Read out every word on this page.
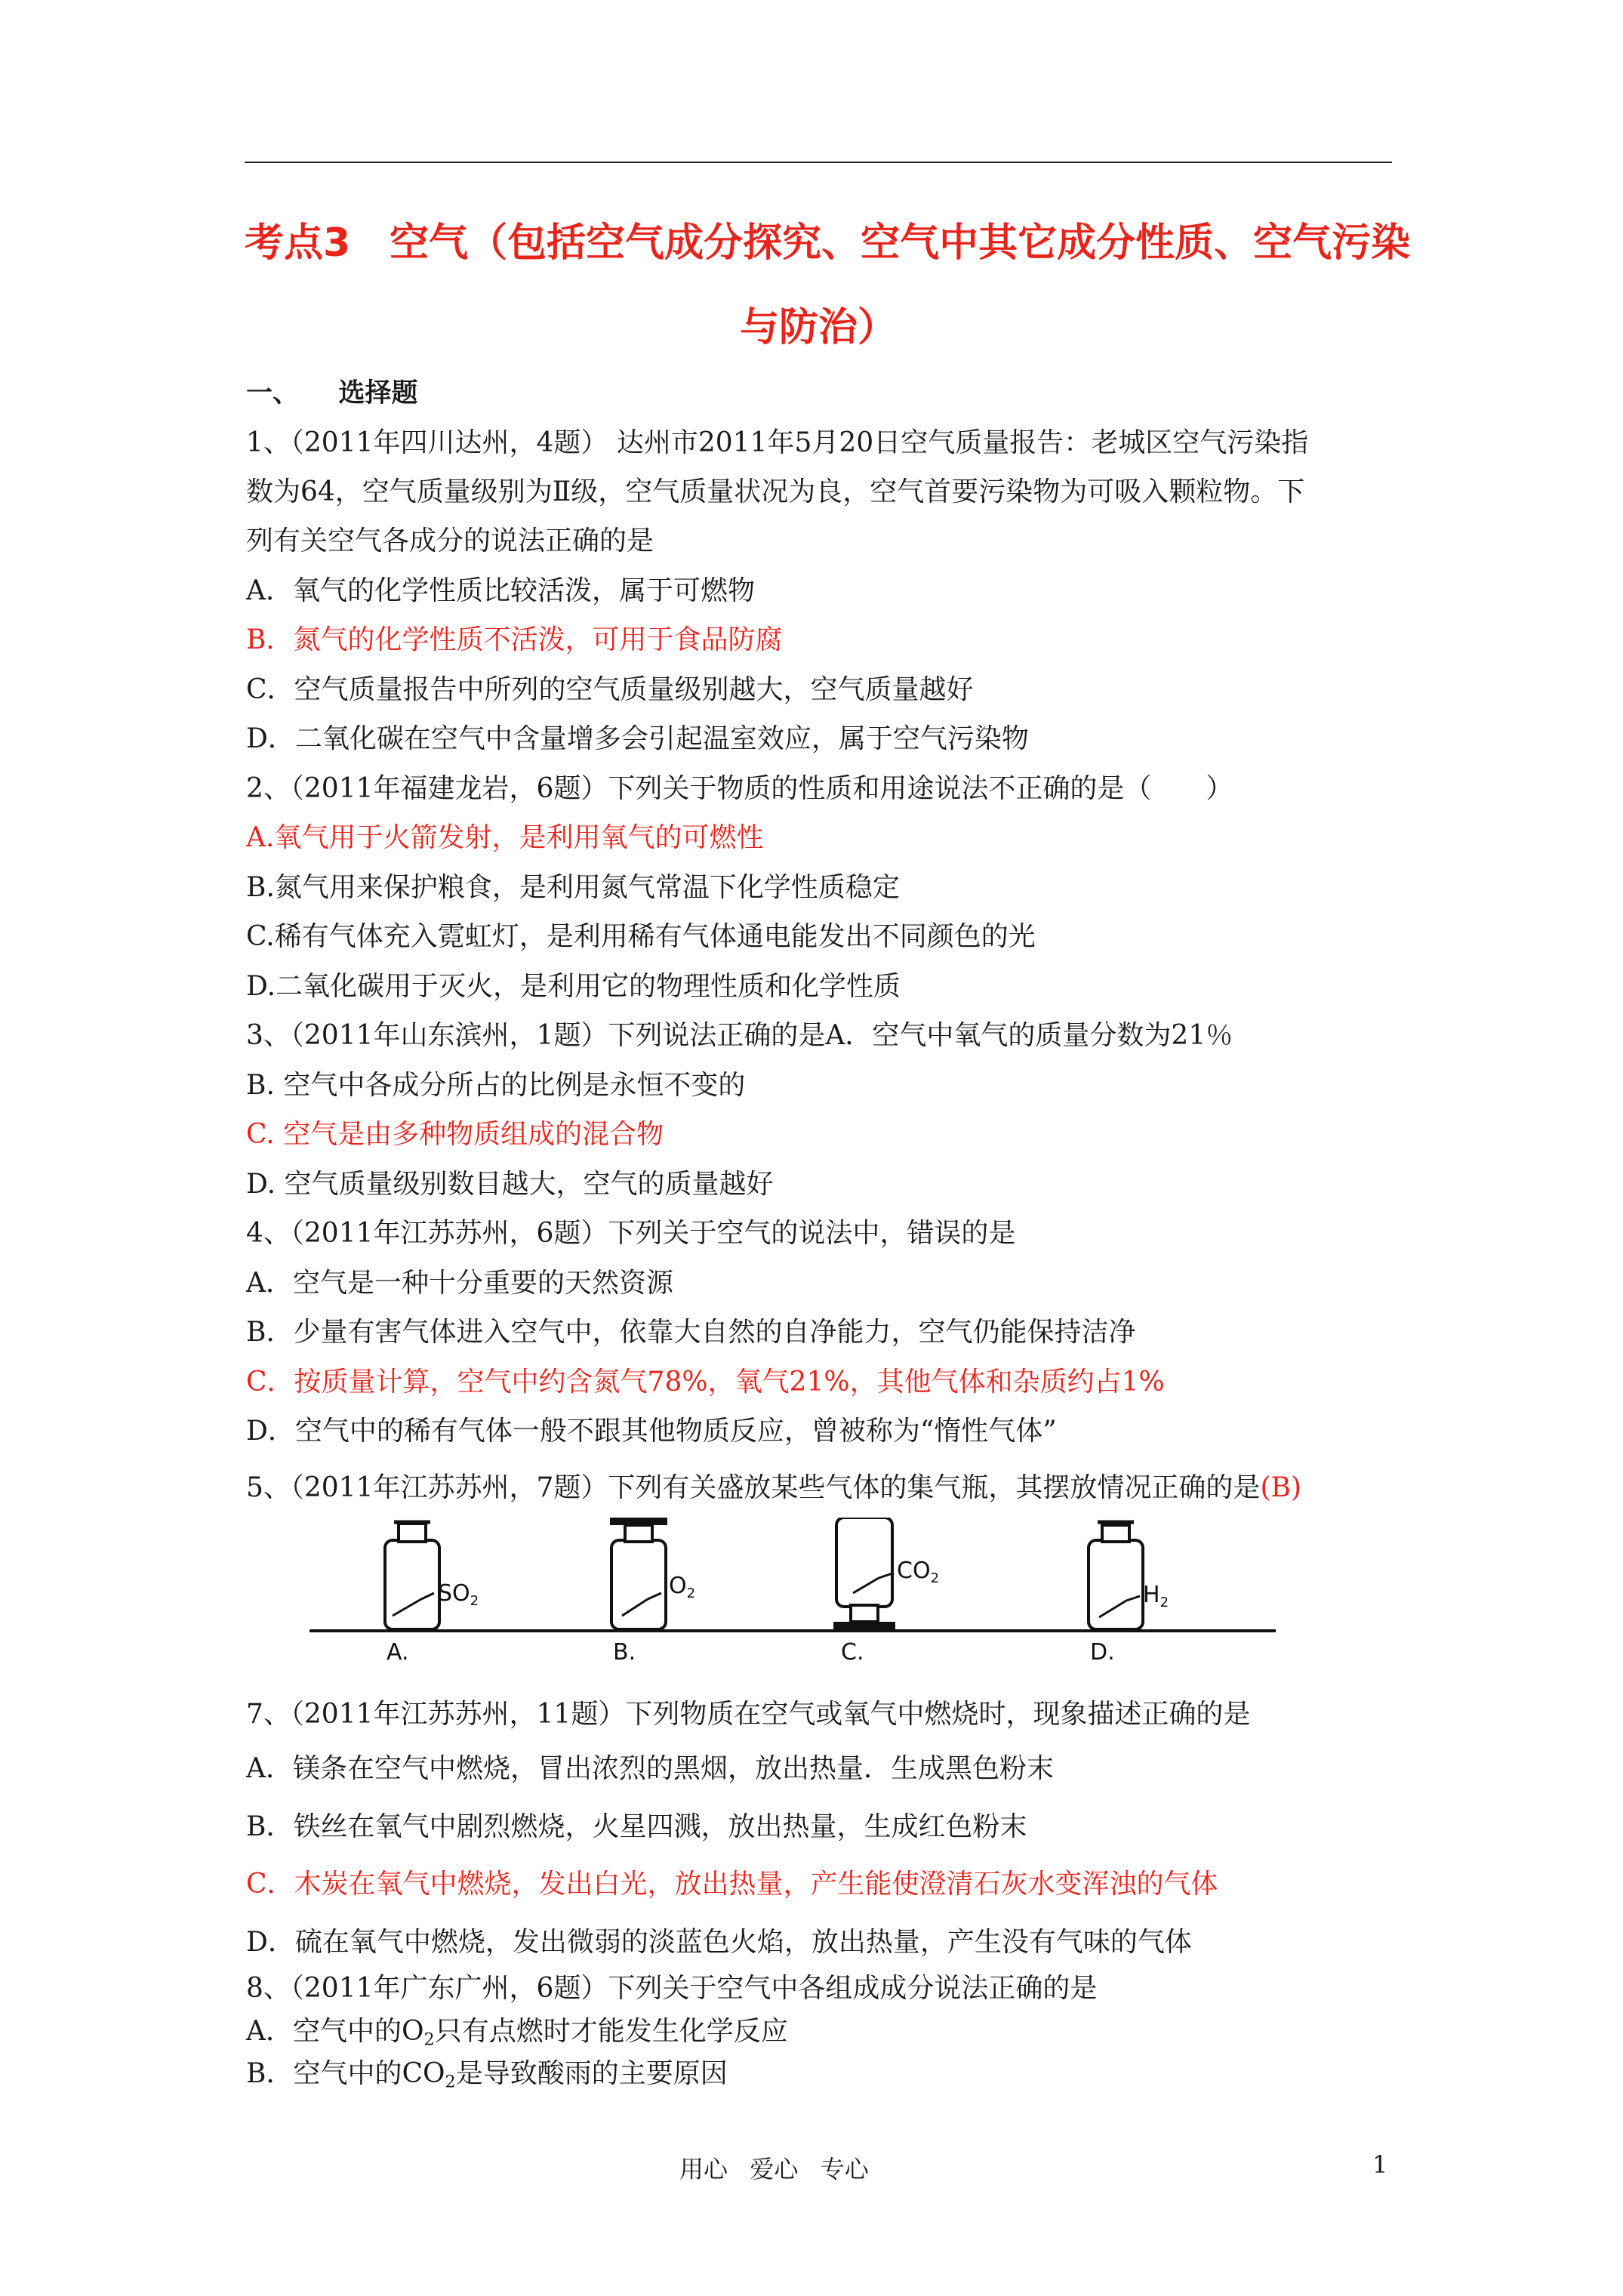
考点3　空气（包括空气成分探究、空气中其它成分性质、空气污染
与防治）
一、　　选择题
1、（2011年四川达州，4题） 达州市2011年5月20日空气质量报告：老城区空气污染指
数为64，空气质量级别为Ⅱ级，空气质量状况为良，空气首要污染物为可吸入颗粒物。下
列有关空气各成分的说法正确的是
A．氧气的化学性质比较活泼，属于可燃物
B．氮气的化学性质不活泼，可用于食品防腐
C．空气质量报告中所列的空气质量级别越大，空气质量越好
D．二氧化碳在空气中含量增多会引起温室效应，属于空气污染物
2、（2011年福建龙岩，6题）下列关于物质的性质和用途说法不正确的是（　　）
A.氧气用于火箭发射，是利用氧气的可燃性
B.氮气用来保护粮食，是利用氮气常温下化学性质稳定
C.稀有气体充入霓虹灯，是利用稀有气体通电能发出不同颜色的光
D.二氧化碳用于灭火，是利用它的物理性质和化学性质
3、（2011年山东滨州，1题）下列说法正确的是A．空气中氧气的质量分数为21％
B. 空气中各成分所占的比例是永恒不变的
C. 空气是由多种物质组成的混合物
D. 空气质量级别数目越大，空气的质量越好
4、（2011年江苏苏州，6题）下列关于空气的说法中，错误的是
A．空气是一种十分重要的天然资源
B．少量有害气体进入空气中，依靠大自然的自净能力，空气仍能保持洁净
C．按质量计算，空气中约含氮气78%，氧气21%，其他气体和杂质约占1%
D．空气中的稀有气体一般不跟其他物质反应，曾被称为“惰性气体”
5、（2011年江苏苏州，7题）下列有关盛放某些气体的集气瓶，其摆放情况正确的是(B)
$SO_2$
A.
$O_2$
B.
$CO_2$
C.
$H_2$
D.
7、（2011年江苏苏州，11题）下列物质在空气或氧气中燃烧时，现象描述正确的是
A．镁条在空气中燃烧，冒出浓烈的黑烟，放出热量．生成黑色粉末
B．铁丝在氧气中剧烈燃烧，火星四溅，放出热量，生成红色粉末
C．木炭在氧气中燃烧，发出白光，放出热量，产生能使澄清石灰水变浑浊的气体
D．硫在氧气中燃烧，发出微弱的淡蓝色火焰，放出热量，产生没有气味的气体
8、（2011年广东广州，6题）下列关于空气中各组成成分说法正确的是
A．空气中的$O_2$只有点燃时才能发生化学反应
B．空气中的$CO_2$是导致酸雨的主要原因
用心 爱心 专心	1
